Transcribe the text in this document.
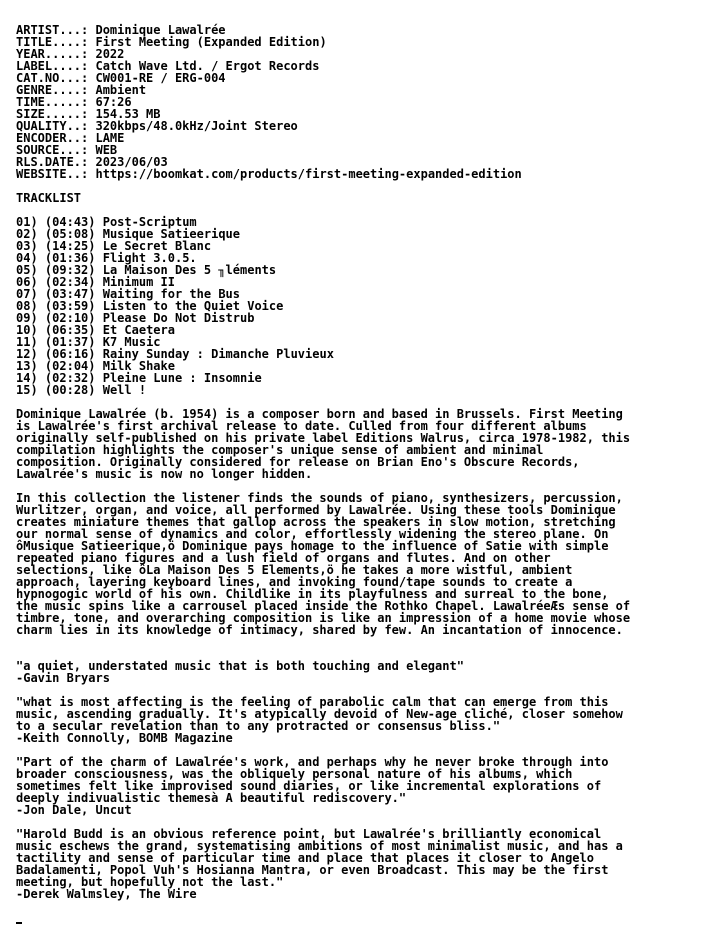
ARTIST...: Dominique Lawalrée
TITLE....: First Meeting (Expanded Edition)
YEAR.....: 2022
LABEL....: Catch Wave Ltd. / Ergot Records
CAT.NO...: CW001-RE / ERG-004
GENRE....: Ambient
TIME.....: 67:26
SIZE.....: 154.53 MB
QUALITY..: 320kbps/48.0kHz/Joint Stereo
ENCODER..: LAME
SOURCE...: WEB
RLS.DATE.: 2023/06/03
WEBSITE..: https://boomkat.com/products/first-meeting-expanded-edition
TRACKLIST
01) (04:43) Post-Scriptum
02) (05:08) Musique Satieerique
03) (14:25) Le Secret Blanc
04) (01:36) Flight 3.0.5.
05) (09:32) La Maison Des 5 ╖léments
06) (02:34) Minimum II
07) (03:47) Waiting for the Bus
08) (03:59) Listen to the Quiet Voice
09) (02:10) Please Do Not Distrub
10) (06:35) Et Caetera
11) (01:37) K7 Music
12) (06:16) Rainy Sunday : Dimanche Pluvieux
13) (02:04) Milk Shake
14) (02:32) Pleine Lune : Insomnie
15) (00:28) Well !
Dominique Lawalrée (b. 1954) is a composer born and based in Brussels. First Meeting
is Lawalrée's first archival release to date. Culled from four different albums
originally self-published on his private label Editions Walrus, circa 1978-1982, this
compilation highlights the composer's unique sense of ambient and minimal
composition. Originally considered for release on Brian Eno's Obscure Records,
Lawalrée's music is now no longer hidden.
In this collection the listener finds the sounds of piano, synthesizers, percussion,
Wurlitzer, organ, and voice, all performed by Lawalrée. Using these tools Dominique
creates miniature themes that gallop across the speakers in slow motion, stretching
our normal sense of dynamics and color, effortlessly widening the stereo plane. On
ôMusique Satieerique,ö Dominique pays homage to the influence of Satie with simple
repeated piano figures and a lush field of organs and flutes. And on other
selections, like ôLa Maison Des 5 Elements,ö he takes a more wistful, ambient
approach, layering keyboard lines, and invoking found/tape sounds to create a
hypnogogic world of his own. Childlike in its playfulness and surreal to the bone,
the music spins like a carrousel placed inside the Rothko Chapel. LawalréeÆs sense of
timbre, tone, and overarching composition is like an impression of a home movie whose
charm lies in its knowledge of intimacy, shared by few. An incantation of innocence.
"a quiet, understated music that is both touching and elegant"
-Gavin Bryars
"what is most affecting is the feeling of parabolic calm that can emerge from this
music, ascending gradually. It's atypically devoid of New-age cliché, closer somehow
to a secular revelation than to any protracted or consensus bliss."
-Keith Connolly, BOMB Magazine
"Part of the charm of Lawalrée's work, and perhaps why he never broke through into
broader consciousness, was the obliquely personal nature of his albums, which
sometimes felt like improvised sound diaries, or like incremental explorations of
deeply indivualistic themesà A beautiful rediscovery."
-Jon Dale, Uncut
"Harold Budd is an obvious reference point, but Lawalrée's brilliantly economical
music eschews the grand, systematising ambitions of most minimalist music, and has a
tactility and sense of particular time and place that places it closer to Angelo
Badalamenti, Popol Vuh's Hosianna Mantra, or even Broadcast. This may be the first
meeting, but hopefully not the last."
-Derek Walmsley, The Wire
